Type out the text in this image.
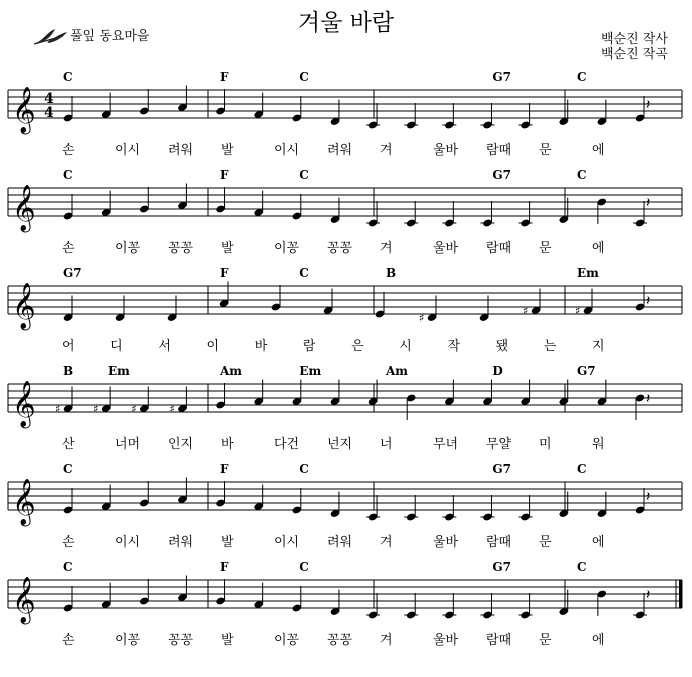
겨울 바람
풀잎 동요마을	백순진 작사
백순진 작곡
𝄞 4
4
C	F	C	G7	C
𝄽
손	이시 려워 발	이시 려워 겨	울바 람때 문	에
𝄞
C	F	C	G7	C
𝄽
손	이꽁 꽁꽁 발	이꽁 꽁꽁 겨	울바 람때 문	에
𝄞
G7	F	C	B	Em
♯
♯	♯
𝄽
어	디	서	이	바	람	은	시	작	됐	는	지
𝄞
B	Em	Am	Em	Am	D	G7
♯	♯	♯	♯
𝄽
산	너머 인지 바	다건 넌지 너	무녀 무얄 미	워
𝄞
C	F	C	G7	C
𝄽
손	이시 려워 발	이시 려워 겨	울바 람때 문	에
𝄞
C	F	C	G7	C
𝄽
손	이꽁 꽁꽁 발	이꽁 꽁꽁 겨	울바 람때 문	에
